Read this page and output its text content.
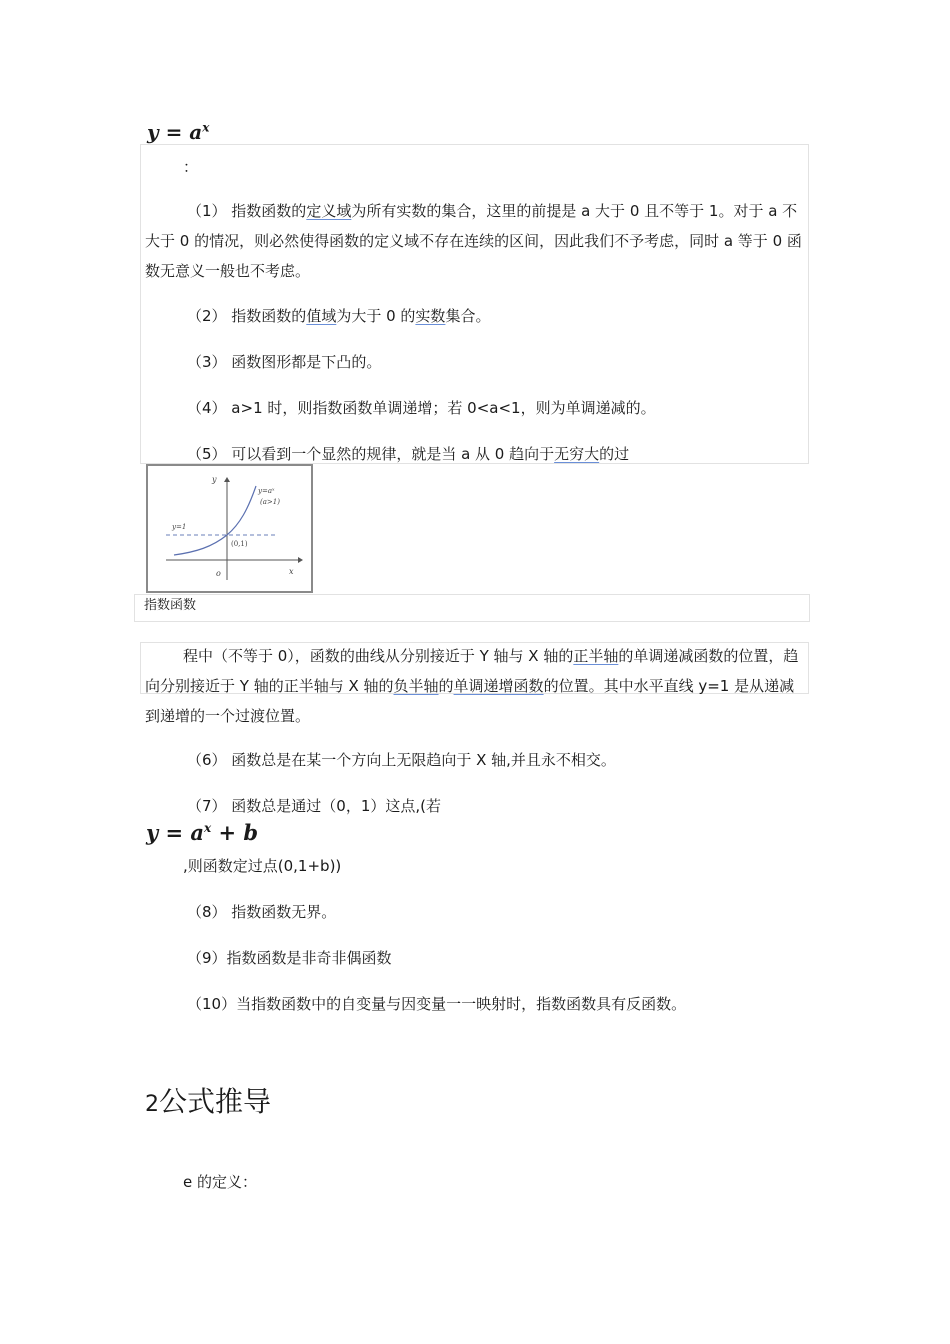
$y = a^x$
：
（1） 指数函数的定义域为所有实数的集合，这里的前提是 a 大于 0 且不等于 1。对于 a 不大于 0 的情况，则必然使得函数的定义域不存在连续的区间，因此我们不予考虑，同时 a 等于 0 函数无意义一般也不考虑。
（2） 指数函数的值域为大于 0 的实数集合。
（3） 函数图形都是下凸的。
（4） a>1 时，则指数函数单调递增；若 0<a<1，则为单调递减的。
（5） 可以看到一个显然的规律，就是当 a 从 0 趋向于无穷大的过
y
x
o
y=aˣ
(a>1)
y=1
(0,1)
指数函数
程中（不等于 0），函数的曲线从分别接近于 Y 轴与 X 轴的正半轴的单调递减函数的位置，趋向分别接近于 Y 轴的正半轴与 X 轴的负半轴的单调递增函数的位置。其中水平直线 y=1 是从递减到递增的一个过渡位置。
（6） 函数总是在某一个方向上无限趋向于 X 轴,并且永不相交。
（7） 函数总是通过（0，1）这点,(若
$y = a^x + b$
,则函数定过点(0,1+b))
（8） 指数函数无界。
（9）指数函数是非奇非偶函数
（10）当指数函数中的自变量与因变量一一映射时，指数函数具有反函数。
2公式推导
e 的定义：
